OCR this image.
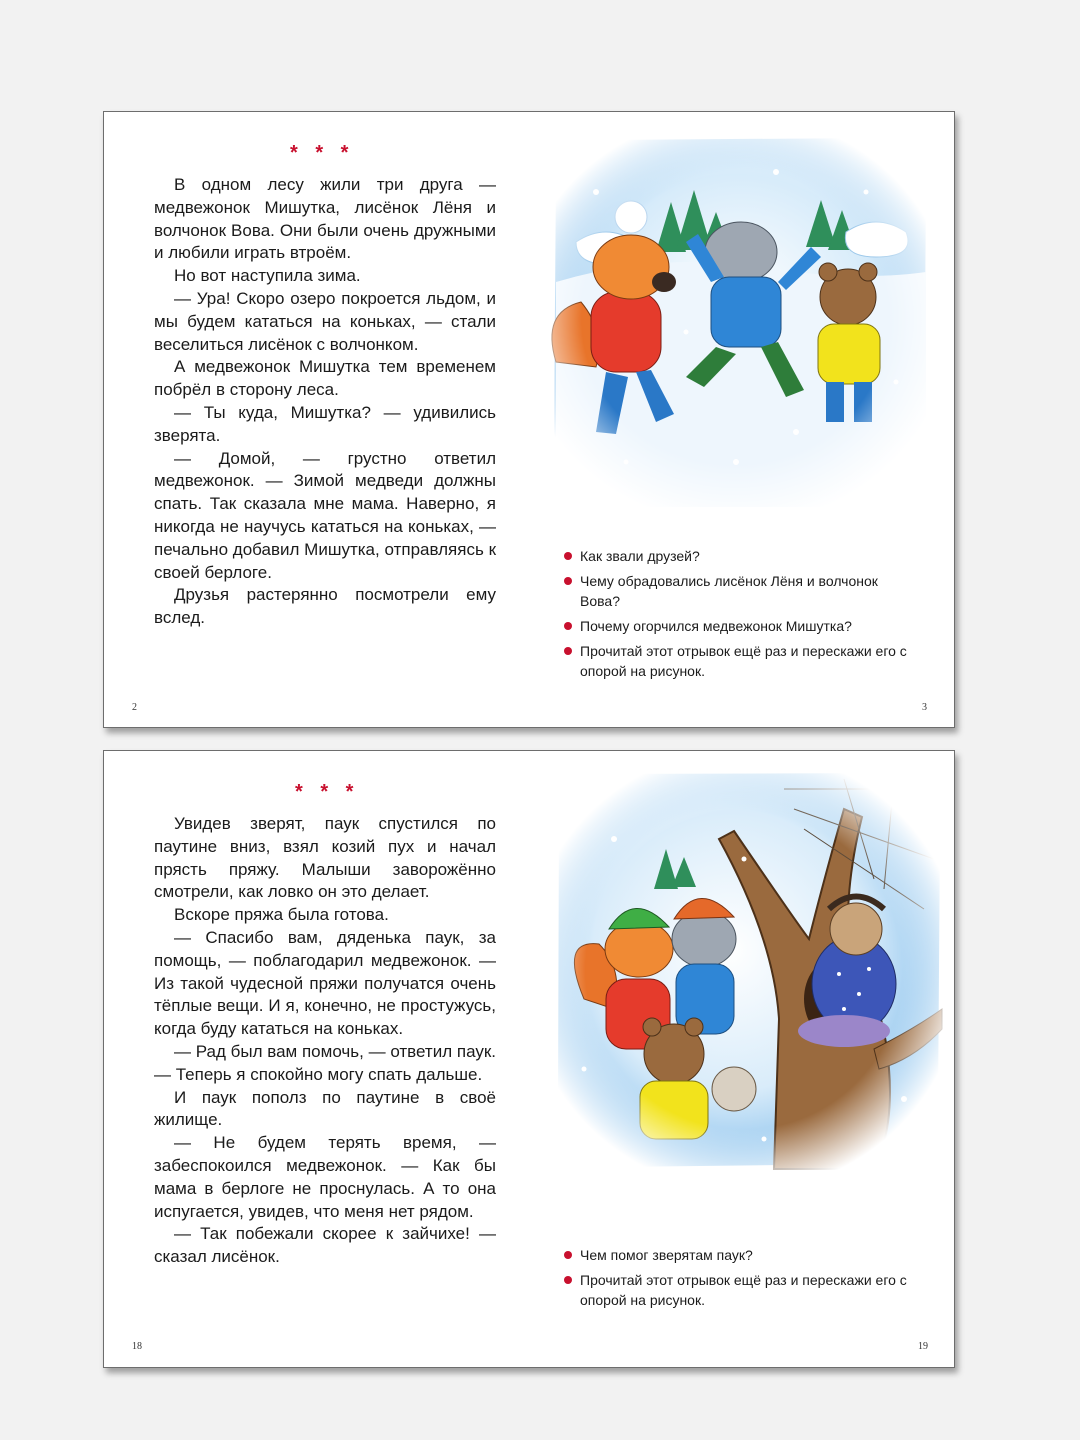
* * *

В одном лесу жили три друга — медвежонок Мишутка, лисёнок Лёня и волчонок Вова. Они были очень дружными и любили играть втроём.

Но вот наступила зима.

— Ура! Скоро озеро покроется льдом, и мы будем кататься на коньках, — стали веселиться лисёнок с волчонком.

А медвежонок Мишутка тем временем побрёл в сторону леса.

— Ты куда, Мишутка? — удивились зверята.

— Домой, — грустно ответил медвежонок. — Зимой медведи должны спать. Так сказала мне мама. Наверно, я никогда не научусь кататься на коньках, — печально добавил Мишутка, отправляясь к своей берлоге.

Друзья растерянно посмотрели ему вслед.

Как звали друзей?
Чему обрадовались лисёнок Лёня и волчонок Вова?
Почему огорчился медвежонок Мишутка?
Прочитай этот отрывок ещё раз и перескажи его с опорой на рисунок.
2	3
* * *

Увидев зверят, паук спустился по паутине вниз, взял козий пух и начал прясть пряжу. Малыши заворожённо смотрели, как ловко он это делает.

Вскоре пряжа была готова.

— Спасибо вам, дяденька паук, за помощь, — поблагодарил медвежонок. — Из такой чудесной пряжи получатся очень тёплые вещи. И я, конечно, не простужусь, когда буду кататься на коньках.

— Рад был вам помочь, — ответил паук. — Теперь я спокойно могу спать дальше.

И паук пополз по паутине в своё жилище.

— Не будем терять время, — забеспокоился медвежонок. — Как бы мама в берлоге не проснулась. А то она испугается, увидев, что меня нет рядом.

— Так побежали скорее к зайчихе! — сказал лисёнок.	Чем помог зверятам паук?
Прочитай этот отрывок ещё раз и перескажи его с опорой на рисунок.
18	19
